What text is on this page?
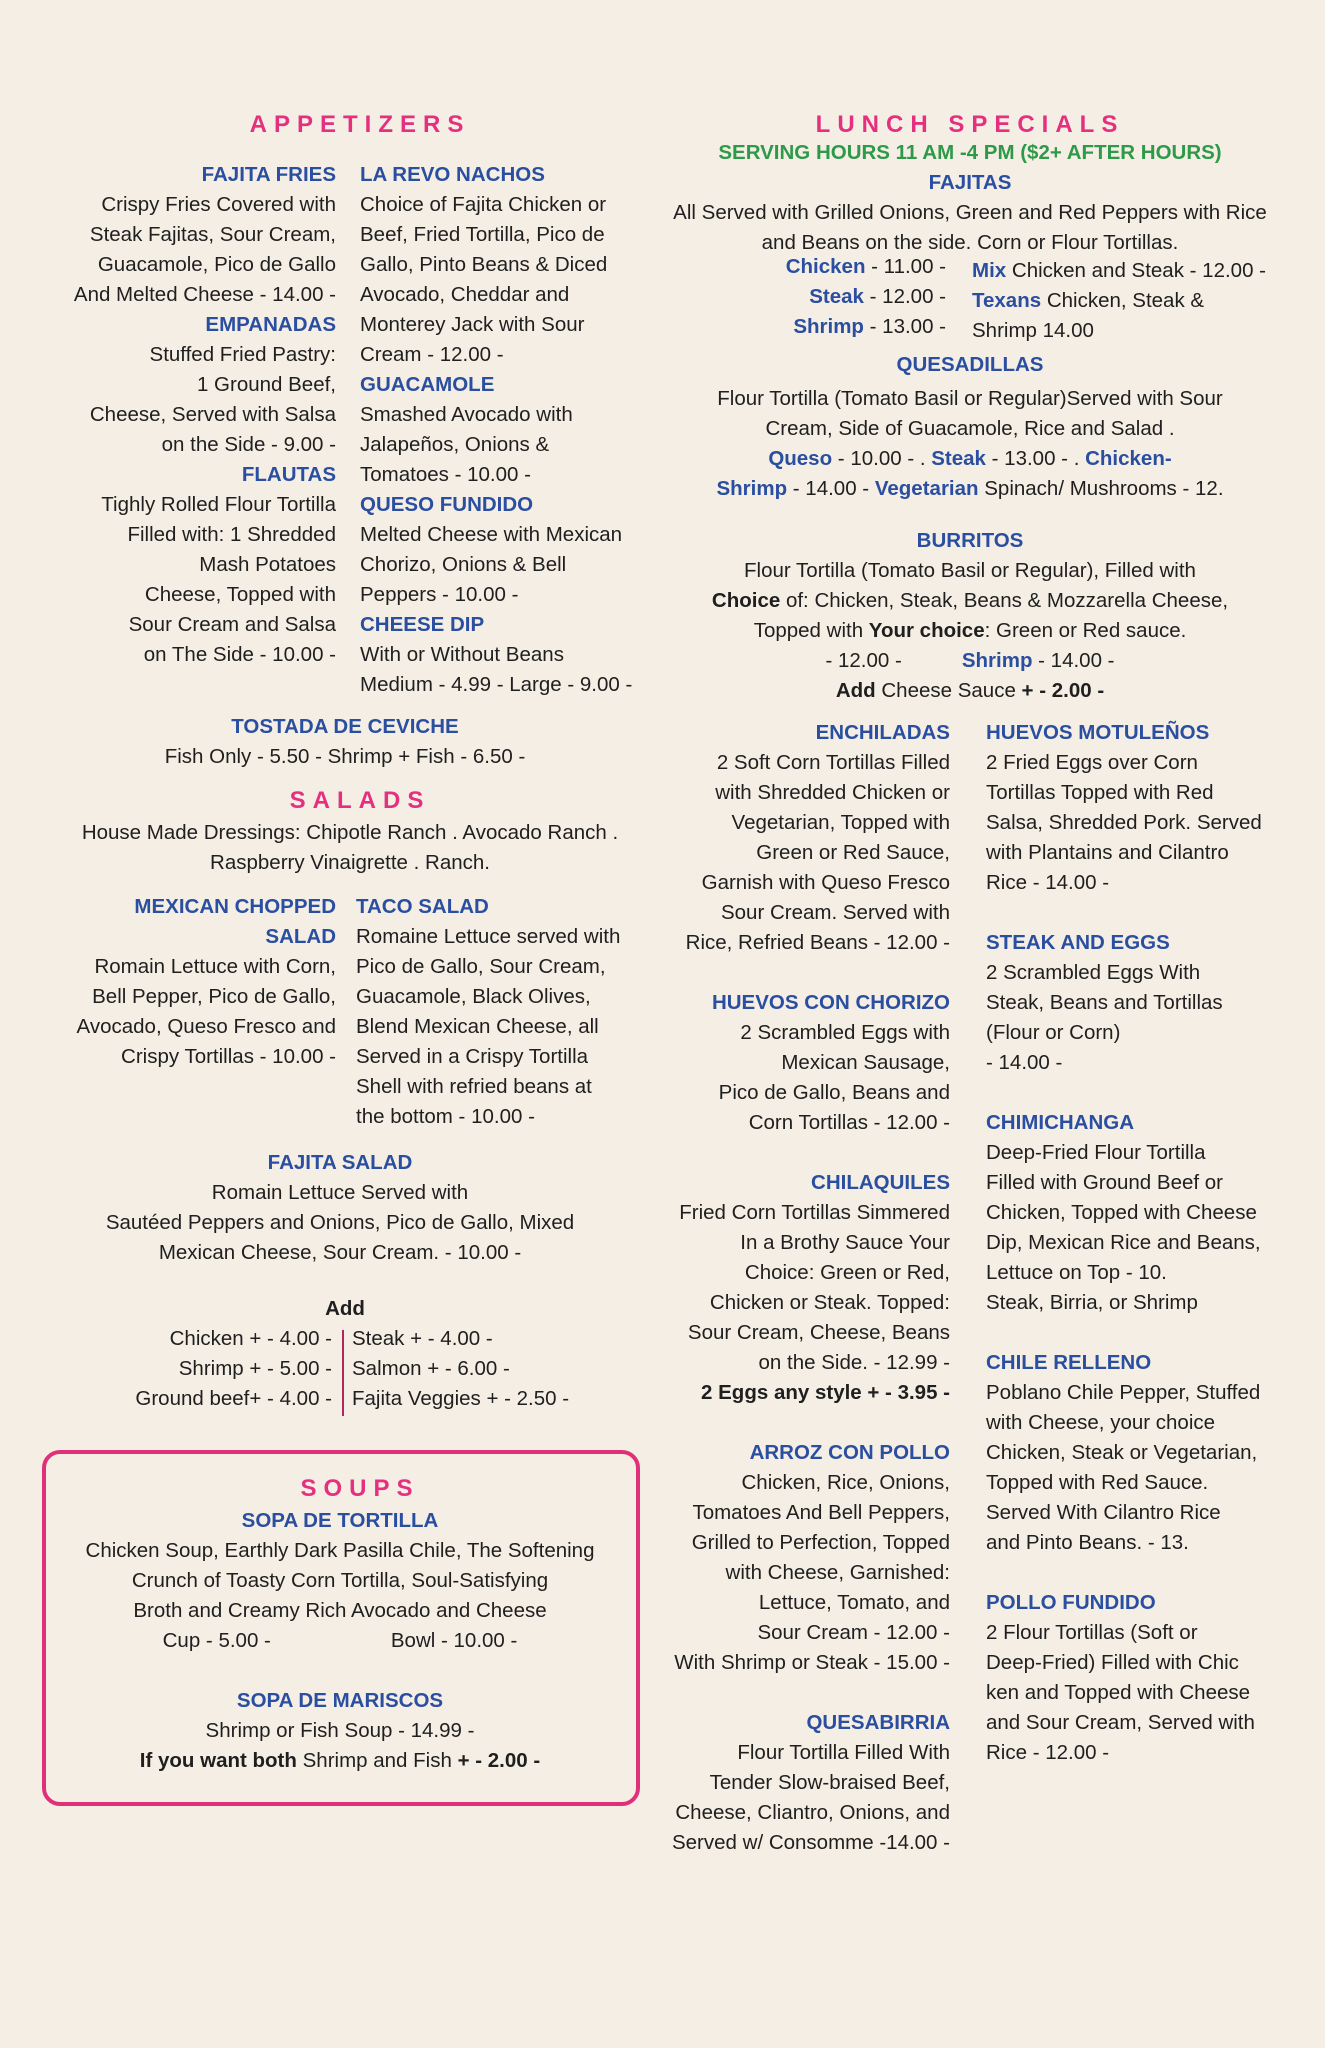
APPETIZERS
FAJITA FRIES
Crispy Fries Covered with
Steak Fajitas, Sour Cream,
Guacamole, Pico de Gallo
And Melted Cheese - 14.00 -
EMPANADAS
Stuffed Fried Pastry:
1 Ground Beef,
Cheese, Served with Salsa
on the Side - 9.00 -
FLAUTAS
Tighly Rolled Flour Tortilla
Filled with: 1 Shredded
Mash Potatoes
Cheese, Topped with
Sour Cream and Salsa
on The Side - 10.00 -
LA REVO NACHOS
Choice of Fajita Chicken or
Beef, Fried Tortilla, Pico de
Gallo, Pinto Beans & Diced
Avocado, Cheddar and
Monterey Jack with Sour
Cream - 12.00 -
GUACAMOLE
Smashed Avocado with
Jalapeños, Onions &
Tomatoes - 10.00 -
QUESO FUNDIDO
Melted Cheese with Mexican
Chorizo, Onions & Bell
Peppers - 10.00 -
CHEESE DIP
With or Without Beans
Medium - 4.99 - Large - 9.00 -
TOSTADA DE CEVICHE
Fish Only - 5.50 - Shrimp + Fish - 6.50 -
SALADS
House Made Dressings: Chipotle Ranch . Avocado Ranch .
Raspberry Vinaigrette . Ranch.
MEXICAN CHOPPED
SALAD
Romain Lettuce with Corn,
Bell Pepper, Pico de Gallo,
Avocado, Queso Fresco and
Crispy Tortillas - 10.00 -
TACO SALAD
Romaine Lettuce served with
Pico de Gallo, Sour Cream,
Guacamole, Black Olives,
Blend Mexican Cheese, all
Served in a Crispy Tortilla
Shell with refried beans at
the bottom - 10.00 -
FAJITA SALAD
Romain Lettuce Served with
Sautéed Peppers and Onions, Pico de Gallo, Mixed
Mexican Cheese, Sour Cream. - 10.00 -
Add
Chicken + - 4.00 -
Shrimp + - 5.00 -
Ground beef+ - 4.00 -
Steak + - 4.00 -
Salmon + - 6.00 -
Fajita Veggies + - 2.50 -
SOUPS
SOPA DE TORTILLA
Chicken Soup, Earthly Dark Pasilla Chile, The Softening
Crunch of Toasty Corn Tortilla, Soul-Satisfying
Broth and Creamy Rich Avocado and Cheese
Cup - 5.00 -	Bowl - 10.00 -
SOPA DE MARISCOS
Shrimp or Fish Soup - 14.99 -
If you want both Shrimp and Fish + - 2.00 -
LUNCH SPECIALS
SERVING HOURS 11 AM -4 PM ($2+ AFTER HOURS)
FAJITAS
All Served with Grilled Onions, Green and Red Peppers with Rice
and Beans on the side. Corn or Flour Tortillas.
Chicken - 11.00 -
Steak - 12.00 -
Shrimp - 13.00 -
Mix Chicken and Steak - 12.00 -
Texans Chicken, Steak &
Shrimp 14.00
QUESADILLAS
Flour Tortilla (Tomato Basil or Regular)Served with Sour
Cream, Side of Guacamole, Rice and Salad .
Queso - 10.00 - . Steak - 13.00 - . Chicken-
Shrimp - 14.00 - Vegetarian Spinach/ Mushrooms - 12.
BURRITOS
Flour Tortilla (Tomato Basil or Regular), Filled with
Choice of: Chicken, Steak, Beans & Mozzarella Cheese,
Topped with Your choice: Green or Red sauce.
- 12.00 -	Shrimp - 14.00 -
Add Cheese Sauce + - 2.00 -
ENCHILADAS
2 Soft Corn Tortillas Filled
with Shredded Chicken or
Vegetarian, Topped with
Green or Red Sauce,
Garnish with Queso Fresco
Sour Cream. Served with
Rice, Refried Beans - 12.00 -
HUEVOS CON CHORIZO
2 Scrambled Eggs with
Mexican Sausage,
Pico de Gallo, Beans and
Corn Tortillas - 12.00 -
CHILAQUILES
Fried Corn Tortillas Simmered
In a Brothy Sauce Your
Choice: Green or Red,
Chicken or Steak. Topped:
Sour Cream, Cheese, Beans
on the Side. - 12.99 -
2 Eggs any style + - 3.95 -
ARROZ CON POLLO
Chicken, Rice, Onions,
Tomatoes And Bell Peppers,
Grilled to Perfection, Topped
with Cheese, Garnished:
Lettuce, Tomato, and
Sour Cream - 12.00 -
With Shrimp or Steak - 15.00 -
QUESABIRRIA
Flour Tortilla Filled With
Tender Slow-braised Beef,
Cheese, Cliantro, Onions, and
Served w/ Consomme -14.00 -
HUEVOS MOTULEÑOS
2 Fried Eggs over Corn
Tortillas Topped with Red
Salsa, Shredded Pork. Served
with Plantains and Cilantro
Rice - 14.00 -
STEAK AND EGGS
2 Scrambled Eggs With
Steak, Beans and Tortillas
(Flour or Corn)
- 14.00 -
CHIMICHANGA
Deep-Fried Flour Tortilla
Filled with Ground Beef or
Chicken, Topped with Cheese
Dip, Mexican Rice and Beans,
Lettuce on Top - 10.
Steak, Birria, or Shrimp
CHILE RELLENO
Poblano Chile Pepper, Stuffed
with Cheese, your choice
Chicken, Steak or Vegetarian,
Topped with Red Sauce.
Served With Cilantro Rice
and Pinto Beans. - 13.
POLLO FUNDIDO
2 Flour Tortillas (Soft or
Deep-Fried) Filled with Chic
ken and Topped with Cheese
and Sour Cream, Served with
Rice - 12.00 -
